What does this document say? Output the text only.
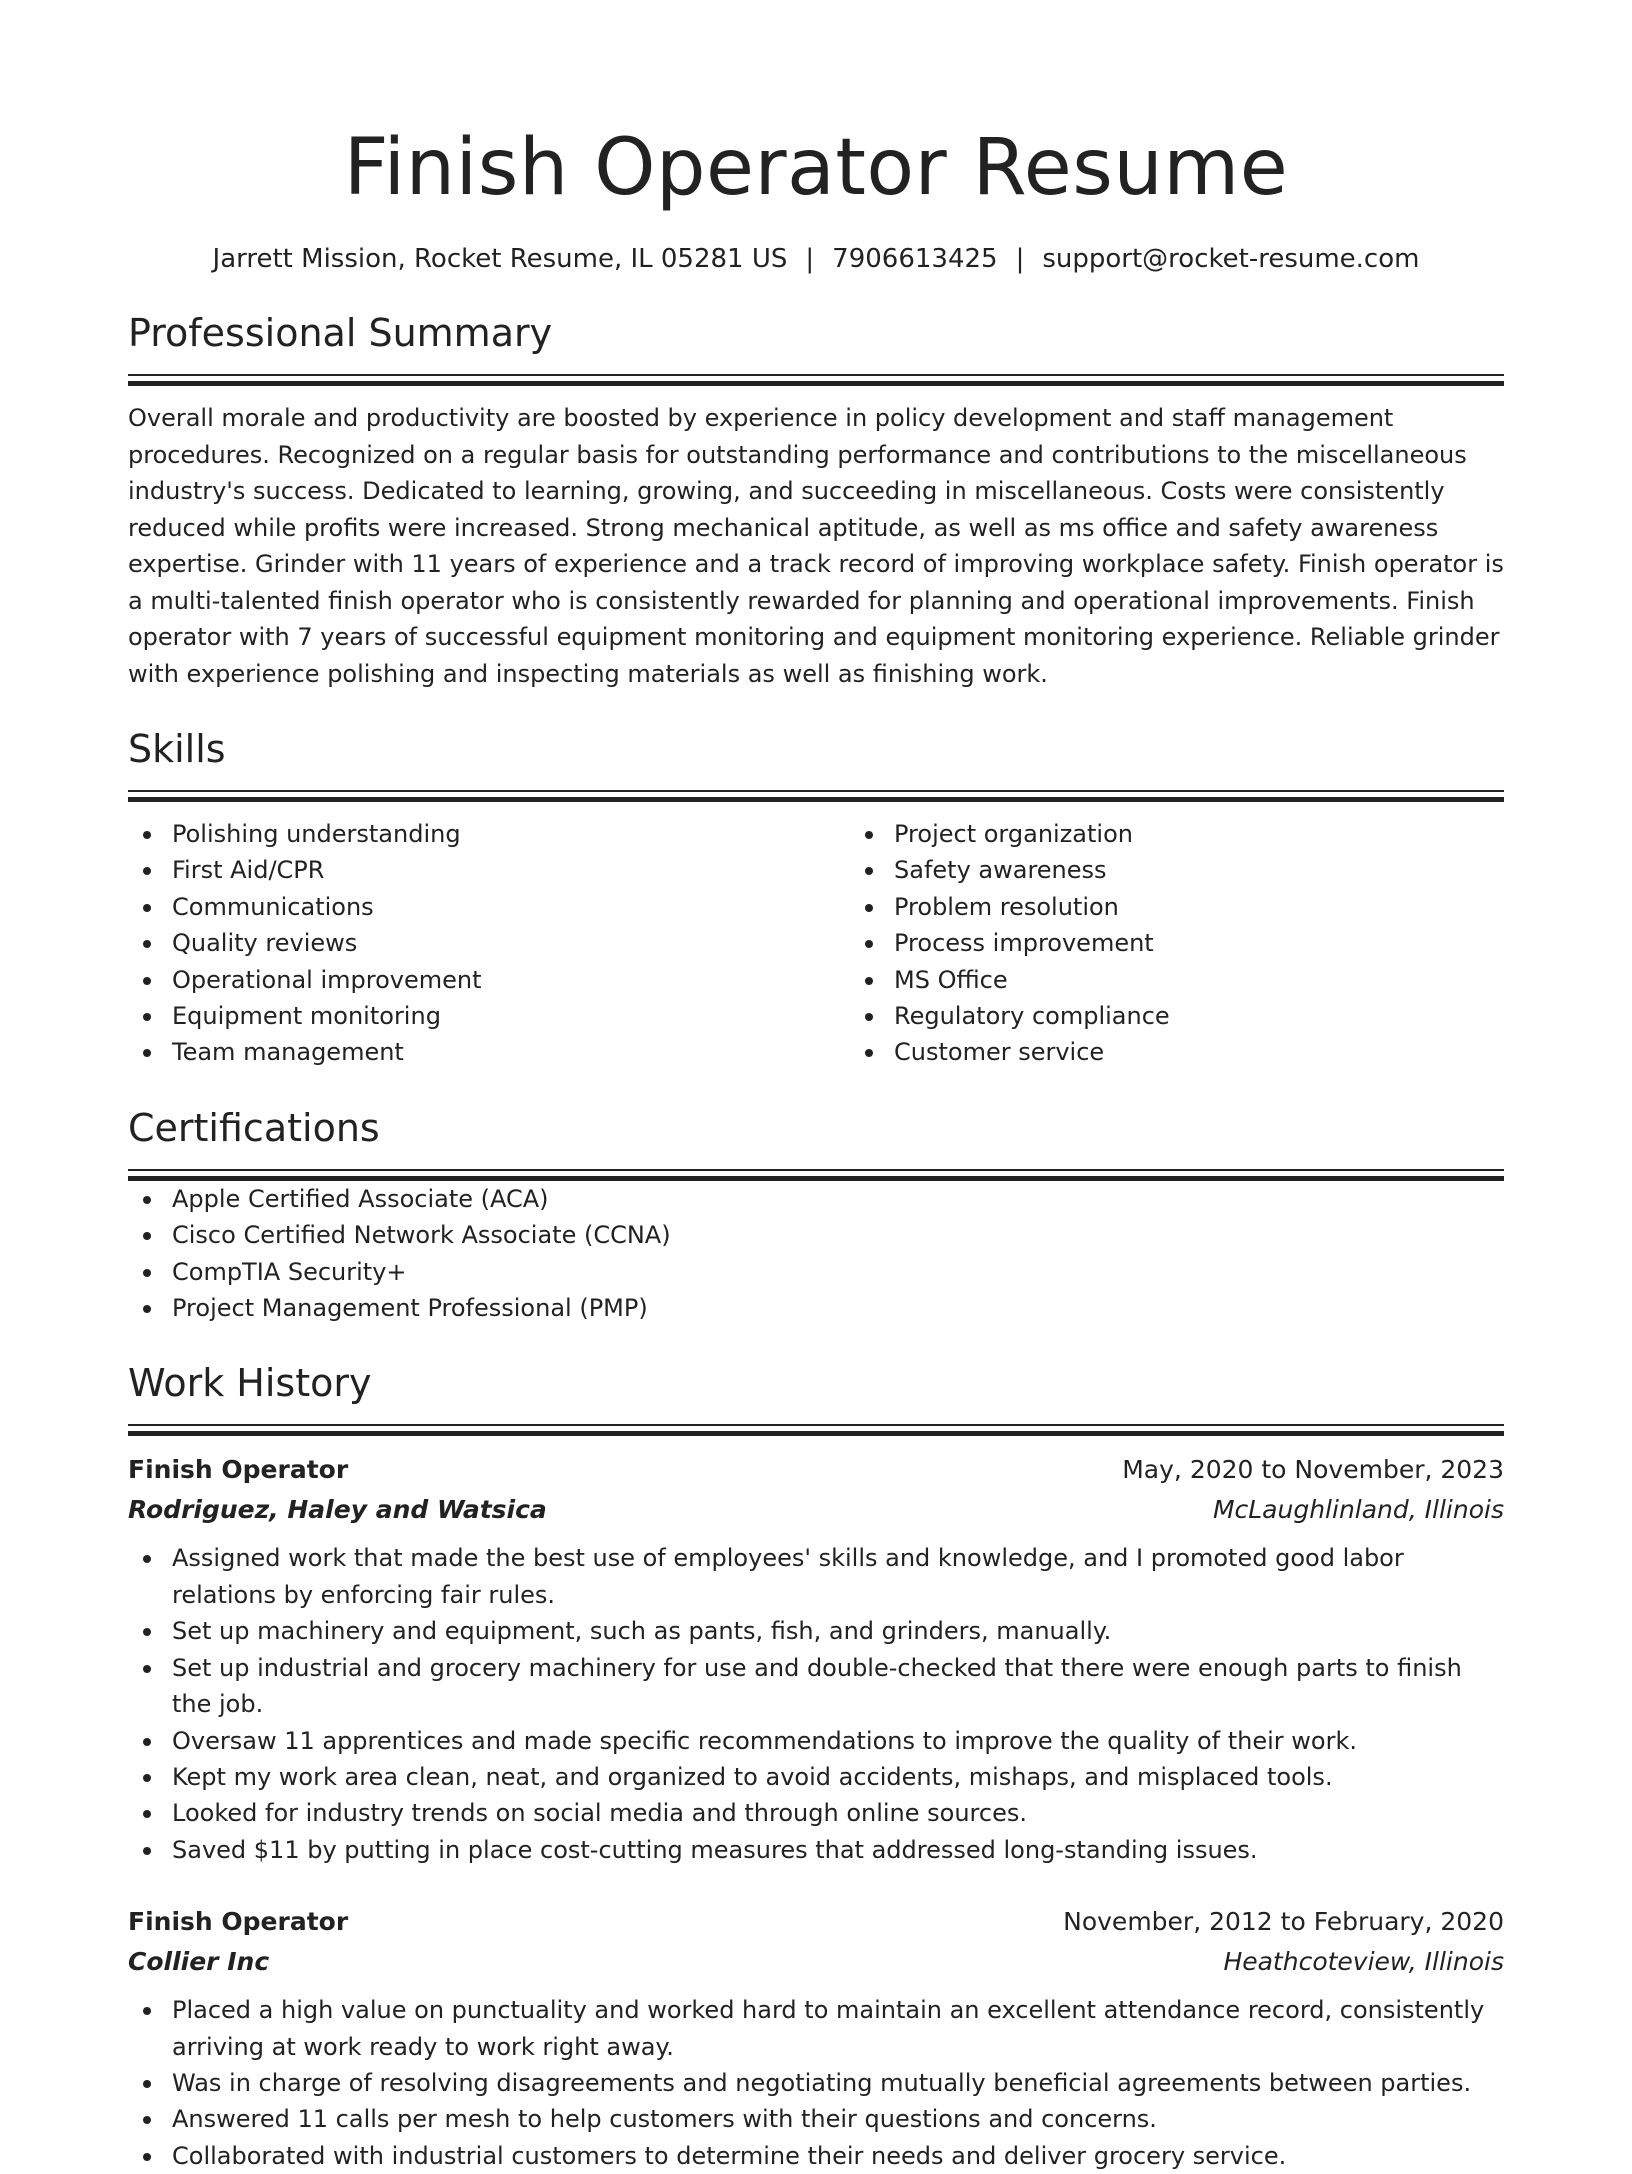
Finish Operator Resume
Jarrett Mission, Rocket Resume, IL 05281 US | 7906613425 | support@rocket-resume.com
Professional Summary
Overall morale and productivity are boosted by experience in policy development and staff management procedures. Recognized on a regular basis for outstanding performance and contributions to the miscellaneous industry's success. Dedicated to learning, growing, and succeeding in miscellaneous. Costs were consistently reduced while profits were increased. Strong mechanical aptitude, as well as ms office and safety awareness expertise. Grinder with 11 years of experience and a track record of improving workplace safety. Finish operator is a multi-talented finish operator who is consistently rewarded for planning and operational improvements. Finish operator with 7 years of successful equipment monitoring and equipment monitoring experience. Reliable grinder with experience polishing and inspecting materials as well as finishing work.
Skills
Polishing understanding
First Aid/CPR
Communications
Quality reviews
Operational improvement
Equipment monitoring
Team management
Project organization
Safety awareness
Problem resolution
Process improvement
MS Office
Regulatory compliance
Customer service
Certifications
Apple Certified Associate (ACA)
Cisco Certified Network Associate (CCNA)
CompTIA Security+
Project Management Professional (PMP)
Work History
Finish Operator	May, 2020 to November, 2023
Rodriguez, Haley and Watsica	McLaughlinland, Illinois
Assigned work that made the best use of employees' skills and knowledge, and I promoted good labor relations by enforcing fair rules.
Set up machinery and equipment, such as pants, fish, and grinders, manually.
Set up industrial and grocery machinery for use and double-checked that there were enough parts to finish the job.
Oversaw 11 apprentices and made specific recommendations to improve the quality of their work.
Kept my work area clean, neat, and organized to avoid accidents, mishaps, and misplaced tools.
Looked for industry trends on social media and through online sources.
Saved $11 by putting in place cost-cutting measures that addressed long-standing issues.
Finish Operator	November, 2012 to February, 2020
Collier Inc	Heathcoteview, Illinois
Placed a high value on punctuality and worked hard to maintain an excellent attendance record, consistently arriving at work ready to work right away.
Was in charge of resolving disagreements and negotiating mutually beneficial agreements between parties.
Answered 11 calls per mesh to help customers with their questions and concerns.
Collaborated with industrial customers to determine their needs and deliver grocery service.
